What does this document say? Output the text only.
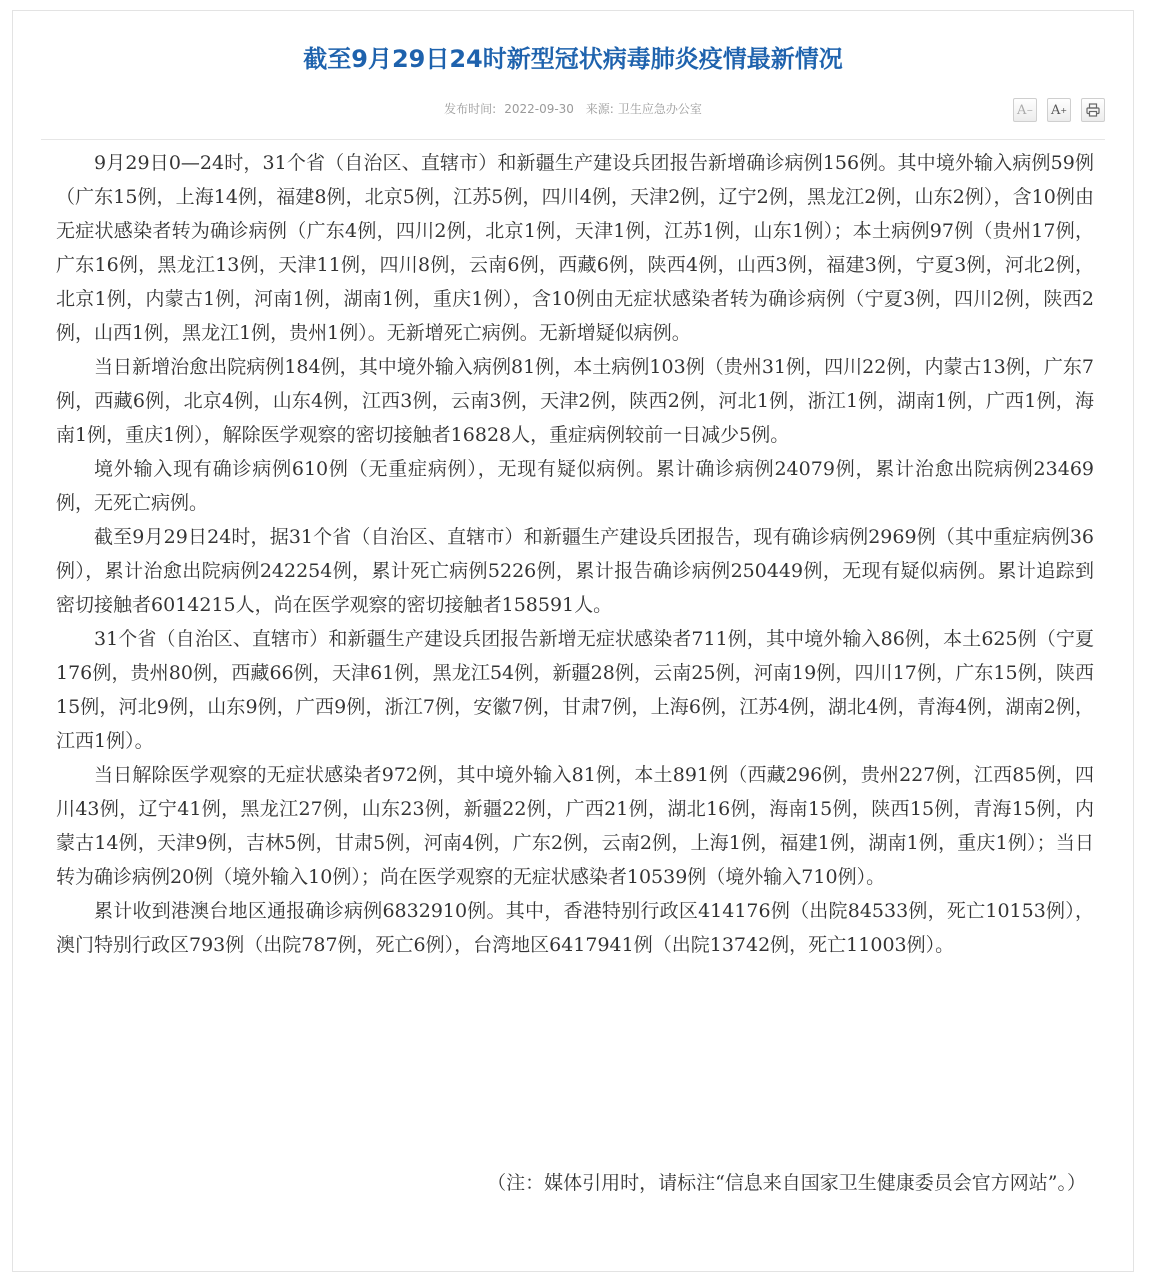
截至9月29日24时新型冠状病毒肺炎疫情最新情况
发布时间: 2022-09-30 来源: 卫生应急办公室	A −	A +

9月29日0—24时，31个省（自治区、直辖市）和新疆生产建设兵团报告新增确诊病例156例。其中境外输入病例59例（广东15例，上海14例，福建8例，北京5例，江苏5例，四川4例，天津2例，辽宁2例，黑龙江2例，山东2例），含10例由无症状感染者转为确诊病例（广东4例，四川2例，北京1例，天津1例，江苏1例，山东1例）；本土病例97例（贵州17例，广东16例，黑龙江13例，天津11例，四川8例，云南6例，西藏6例，陕西4例，山西3例，福建3例，宁夏3例，河北2例，北京1例，内蒙古1例，河南1例，湖南1例，重庆1例），含10例由无症状感染者转为确诊病例（宁夏3例，四川2例，陕西2例，山西1例，黑龙江1例，贵州1例）。无新增死亡病例。无新增疑似病例。

当日新增治愈出院病例184例，其中境外输入病例81例，本土病例103例（贵州31例，四川22例，内蒙古13例，广东7例，西藏6例，北京4例，山东4例，江西3例，云南3例，天津2例，陕西2例，河北1例，浙江1例，湖南1例，广西1例，海南1例，重庆1例），解除医学观察的密切接触者16828人，重症病例较前一日减少5例。

境外输入现有确诊病例610例（无重症病例），无现有疑似病例。累计确诊病例24079例，累计治愈出院病例23469例，无死亡病例。

截至9月29日24时，据31个省（自治区、直辖市）和新疆生产建设兵团报告，现有确诊病例2969例（其中重症病例36例），累计治愈出院病例242254例，累计死亡病例5226例，累计报告确诊病例250449例，无现有疑似病例。累计追踪到密切接触者6014215人，尚在医学观察的密切接触者158591人。

31个省（自治区、直辖市）和新疆生产建设兵团报告新增无症状感染者711例，其中境外输入86例，本土625例（宁夏176例，贵州80例，西藏66例，天津61例，黑龙江54例，新疆28例，云南25例，河南19例，四川17例，广东15例，陕西15例，河北9例，山东9例，广西9例，浙江7例，安徽7例，甘肃7例，上海6例，江苏4例，湖北4例，青海4例，湖南2例，江西1例）。

当日解除医学观察的无症状感染者972例，其中境外输入81例，本土891例（西藏296例，贵州227例，江西85例，四川43例，辽宁41例，黑龙江27例，山东23例，新疆22例，广西21例，湖北16例，海南15例，陕西15例，青海15例，内蒙古14例，天津9例，吉林5例，甘肃5例，河南4例，广东2例，云南2例，上海1例，福建1例，湖南1例，重庆1例）；当日转为确诊病例20例（境外输入10例）；尚在医学观察的无症状感染者10539例（境外输入710例）。

累计收到港澳台地区通报确诊病例6832910例。其中，香港特别行政区414176例（出院84533例，死亡10153例），澳门特别行政区793例（出院787例，死亡6例），台湾地区6417941例（出院13742例，死亡11003例）。

（注：媒体引用时，请标注“信息来自国家卫生健康委员会官方网站”。）
